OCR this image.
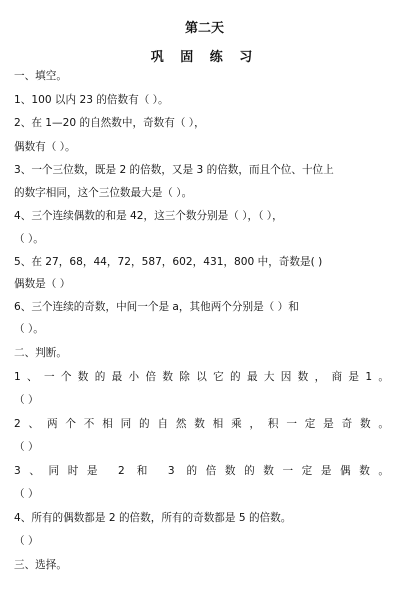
第二天
巩 固 练 习
一、填空。
1、100 以内 23 的倍数有（ ）。
2、在 1—20 的自然数中，奇数有（ ），
偶数有（ ）。
3、一个三位数，既是 2 的倍数，又是 3 的倍数，而且个位、十位上
的数字相同，这个三位数最大是（ ）。
4、三个连续偶数的和是 42，这三个数分别是（ ），（ ），
（ ）。
5、在 27，68，44，72，587，602，431，800 中，奇数是( )
偶数是（ ）
6、三个连续的奇数，中间一个是 a，其他两个分别是（ ）和
（ ）。
二、判断。
1、一个数的最小倍数除以它的最大因数，商是1。
（ ）
2、两个不相同的自然数相乘，积一定是奇数。
（ ）
3、同时是 2 和 3 的倍数的数一定是偶数。
（ ）
4、所有的偶数都是 2 的倍数，所有的奇数都是 5 的倍数。
（ ）
三、选择。
